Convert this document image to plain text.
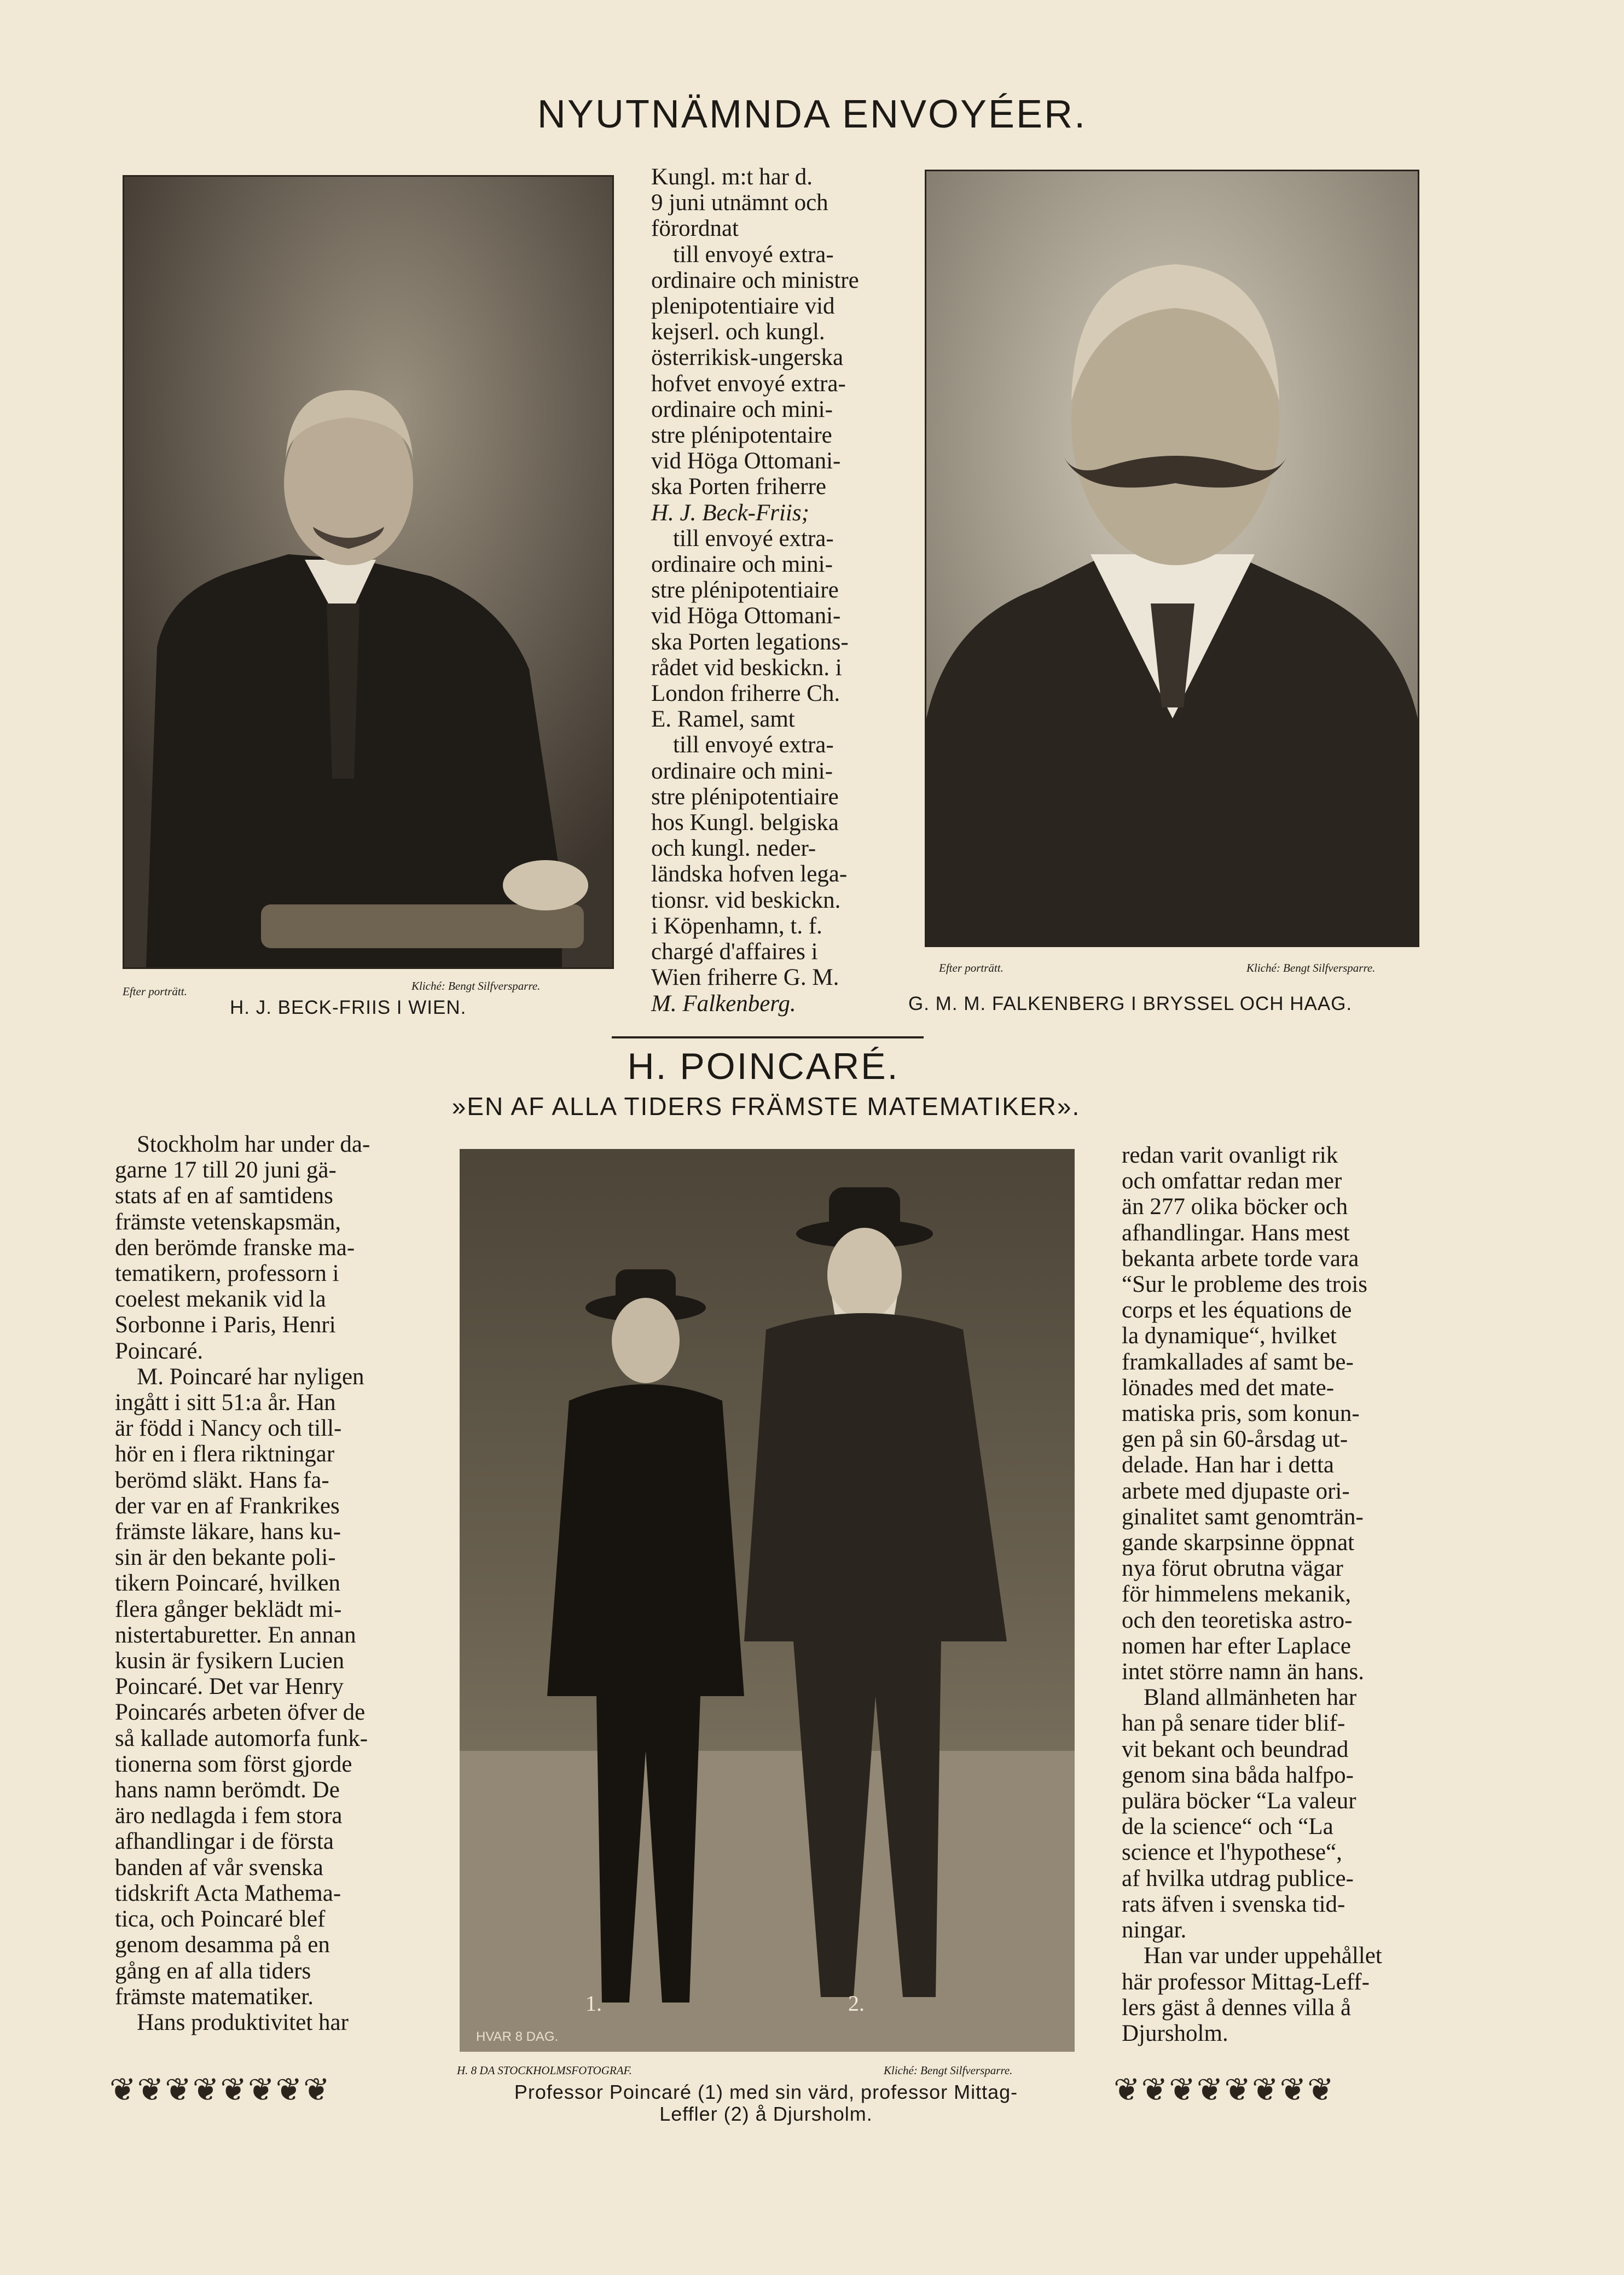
NYUTNÄMNDA ENVOYÉER.
Efter porträtt.	Kliché: Bengt Silfversparre.
H. J. BECK-FRIIS I WIEN.

Kungl. m:t har d.

9 juni utnämnt och

förordnat

till envoyé extra-

ordinaire och ministre

plenipotentiaire vid

kejserl. och kungl.

österrikisk-ungerska

hofvet envoyé extra-

ordinaire och mini-

stre plénipotentaire

vid Höga Ottomani-

ska Porten friherre

H. J. Beck-Friis;

till envoyé extra-

ordinaire och mini-

stre plénipotentiaire

vid Höga Ottomani-

ska Porten legations-

rådet vid beskickn. i

London friherre Ch.

E. Ramel, samt

till envoyé extra-

ordinaire och mini-

stre plénipotentiaire

hos Kungl. belgiska

och kungl. neder-

ländska hofven lega-

tionsr. vid beskickn.

i Köpenhamn, t. f.

chargé d'affaires i

Wien friherre G. M.

M. Falkenberg.

Efter porträtt.	Kliché: Bengt Silfversparre.
G. M. M. FALKENBERG I BRYSSEL OCH HAAG.
H. POINCARÉ.
»EN AF ALLA TIDERS FRÄMSTE MATEMATIKER».

Stockholm har under da-

garne 17 till 20 juni gä-

stats af en af samtidens

främste vetenskapsmän,

den berömde franske ma-

tematikern, professorn i

coelest mekanik vid la

Sorbonne i Paris, Henri

Poincaré.

M. Poincaré har nyligen

ingått i sitt 51:a år. Han

är född i Nancy och till-

hör en i flera riktningar

berömd släkt. Hans fa-

der var en af Frankrikes

främste läkare, hans ku-

sin är den bekante poli-

tikern Poincaré, hvilken

flera gånger beklädt mi-

nistertaburetter. En annan

kusin är fysikern Lucien

Poincaré. Det var Henry

Poincarés arbeten öfver de

så kallade automorfa funk-

tionerna som först gjorde

hans namn berömdt. De

äro nedlagda i fem stora

afhandlingar i de första

banden af vår svenska

tidskrift Acta Mathema-

tica, och Poincaré blef

genom desamma på en

gång en af alla tiders

främste matematiker.

Hans produktivitet har

1.	2.
HVAR 8 DAG.
H. 8 DA STOCKHOLMSFOTOGRAF.	Kliché: Bengt Silfversparre.
Professor Poincaré (1) med sin värd, professor Mittag-
Leffler (2) å Djursholm.

redan varit ovanligt rik

och omfattar redan mer

än 277 olika böcker och

afhandlingar. Hans mest

bekanta arbete torde vara

“Sur le probleme des trois

corps et les équations de

la dynamique“, hvilket

framkallades af samt be-

lönades med det mate-

matiska pris, som konun-

gen på sin 60-årsdag ut-

delade. Han har i detta

arbete med djupaste ori-

ginalitet samt genomträn-

gande skarpsinne öppnat

nya förut obrutna vägar

för himmelens mekanik,

och den teoretiska astro-

nomen har efter Laplace

intet större namn än hans.

Bland allmänheten har

han på senare tider blif-

vit bekant och beundrad

genom sina båda halfpo-

pulära böcker “La valeur

de la science“ och “La

science et l'hypothese“,

af hvilka utdrag publice-

rats äfven i svenska tid-

ningar.

Han var under uppehållet

här professor Mittag-Leff-

lers gäst å dennes villa å

Djursholm.

❦❦❦❦❦❦❦❦	❦❦❦❦❦❦❦❦
